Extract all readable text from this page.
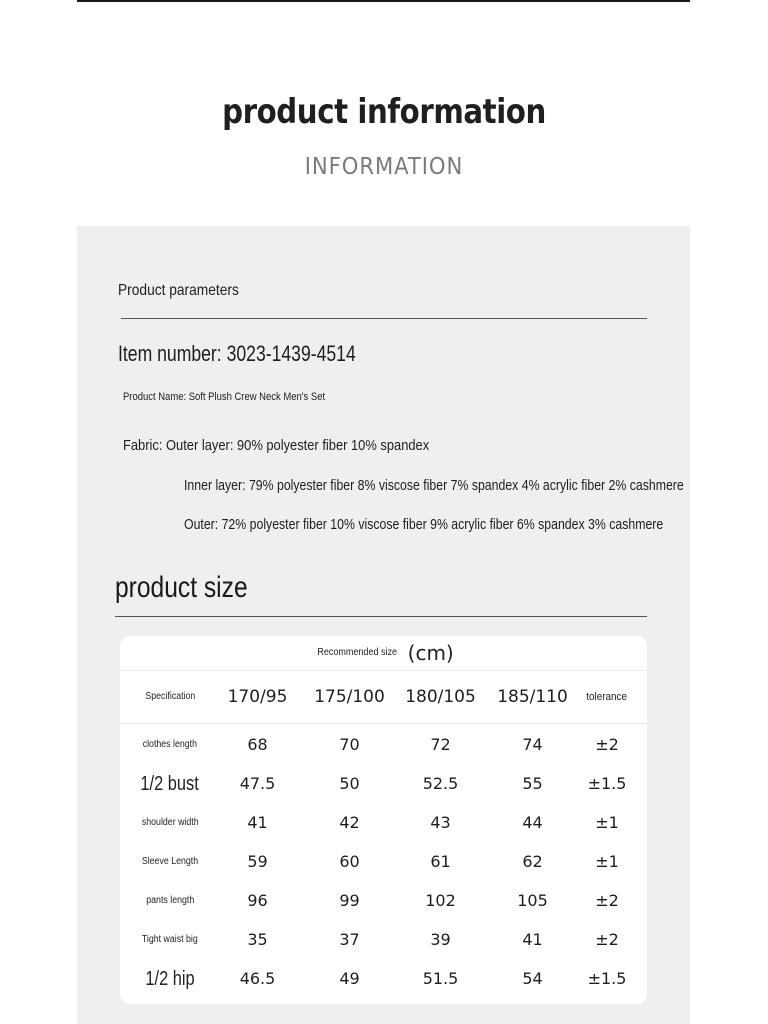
product information
INFORMATION
Product parameters
Item number: 3023-1439-4514
Product Name: Soft Plush Crew Neck Men's Set
Fabric: Outer layer: 90% polyester fiber 10% spandex
Inner layer: 79% polyester fiber 8% viscose fiber 7% spandex 4% acrylic fiber 2% cashmere
Outer: 72% polyester fiber 10% viscose fiber 9% acrylic fiber 6% spandex 3% cashmere
product size
Recommended size (cm)
Specification	170/95	175/100	180/105	185/110	tolerance
clothes length	68	70	72	74	±2
1/2 bust	47.5	50	52.5	55	±1.5
shoulder width	41	42	43	44	±1
Sleeve Length	59	60	61	62	±1
pants length	96	99	102	105	±2
Tight waist big	35	37	39	41	±2
1/2 hip	46.5	49	51.5	54	±1.5
